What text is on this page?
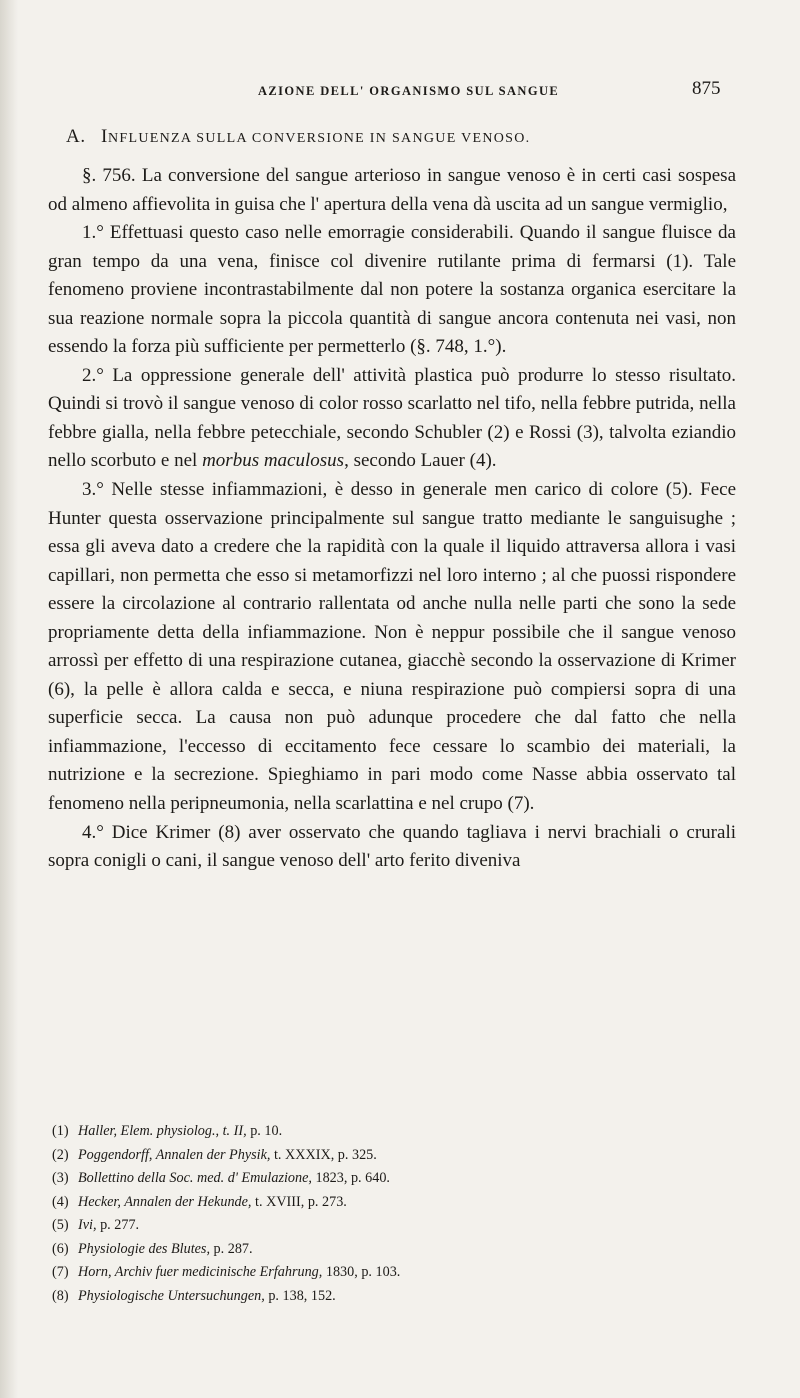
AZIONE DELL' ORGANISMO SUL SANGUE	875
A. INFLUENZA SULLA CONVERSIONE IN SANGUE VENOSO.

§. 756. La conversione del sangue arterioso in sangue venoso è in certi casi sospesa od almeno affievolita in guisa che l' apertura della vena dà uscita ad un sangue vermiglio,

1.° Effettuasi questo caso nelle emorragie considerabili. Quando il sangue fluisce da gran tempo da una vena, finisce col divenire rutilante prima di fermarsi (1). Tale fenomeno proviene incontrastabilmente dal non potere la sostanza organica esercitare la sua reazione normale sopra la piccola quantità di sangue ancora contenuta nei vasi, non essendo la forza più sufficiente per permetterlo (§. 748, 1.°).

2.° La oppressione generale dell' attività plastica può produrre lo stesso risultato. Quindi si trovò il sangue venoso di color rosso scarlatto nel tifo, nella febbre putrida, nella febbre gialla, nella febbre petecchiale, secondo Schubler (2) e Rossi (3), talvolta eziandio nello scorbuto e nel morbus maculosus, secondo Lauer (4).

3.° Nelle stesse infiammazioni, è desso in generale men carico di colore (5). Fece Hunter questa osservazione principalmente sul sangue tratto mediante le sanguisughe ; essa gli aveva dato a credere che la rapidità con la quale il liquido attraversa allora i vasi capillari, non permetta che esso si metamorfizzi nel loro interno ; al che puossi rispondere essere la circolazione al contrario rallentata od anche nulla nelle parti che sono la sede propriamente detta della infiammazione. Non è neppur possibile che il sangue venoso arrossì per effetto di una respirazione cutanea, giacchè secondo la osservazione di Krimer (6), la pelle è allora calda e secca, e niuna respirazione può compiersi sopra di una superficie secca. La causa non può adunque procedere che dal fatto che nella infiammazione, l'eccesso di eccitamento fece cessare lo scambio dei materiali, la nutrizione e la secrezione. Spieghiamo in pari modo come Nasse abbia osservato tal fenomeno nella peripneumonia, nella scarlattina e nel crupo (7).

4.° Dice Krimer (8) aver osservato che quando tagliava i nervi brachiali o crurali sopra conigli o cani, il sangue venoso dell' arto ferito diveniva

(1) Haller, Elem. physiolog., t. II, p. 10.
(2) Poggendorff, Annalen der Physik, t. XXXIX, p. 325.
(3) Bollettino della Soc. med. d' Emulazione, 1823, p. 640.
(4) Hecker, Annalen der Hekunde, t. XVIII, p. 273.
(5) Ivi, p. 277.
(6) Physiologie des Blutes, p. 287.
(7) Horn, Archiv fuer medicinische Erfahrung, 1830, p. 103.
(8) Physiologische Untersuchungen, p. 138, 152.
